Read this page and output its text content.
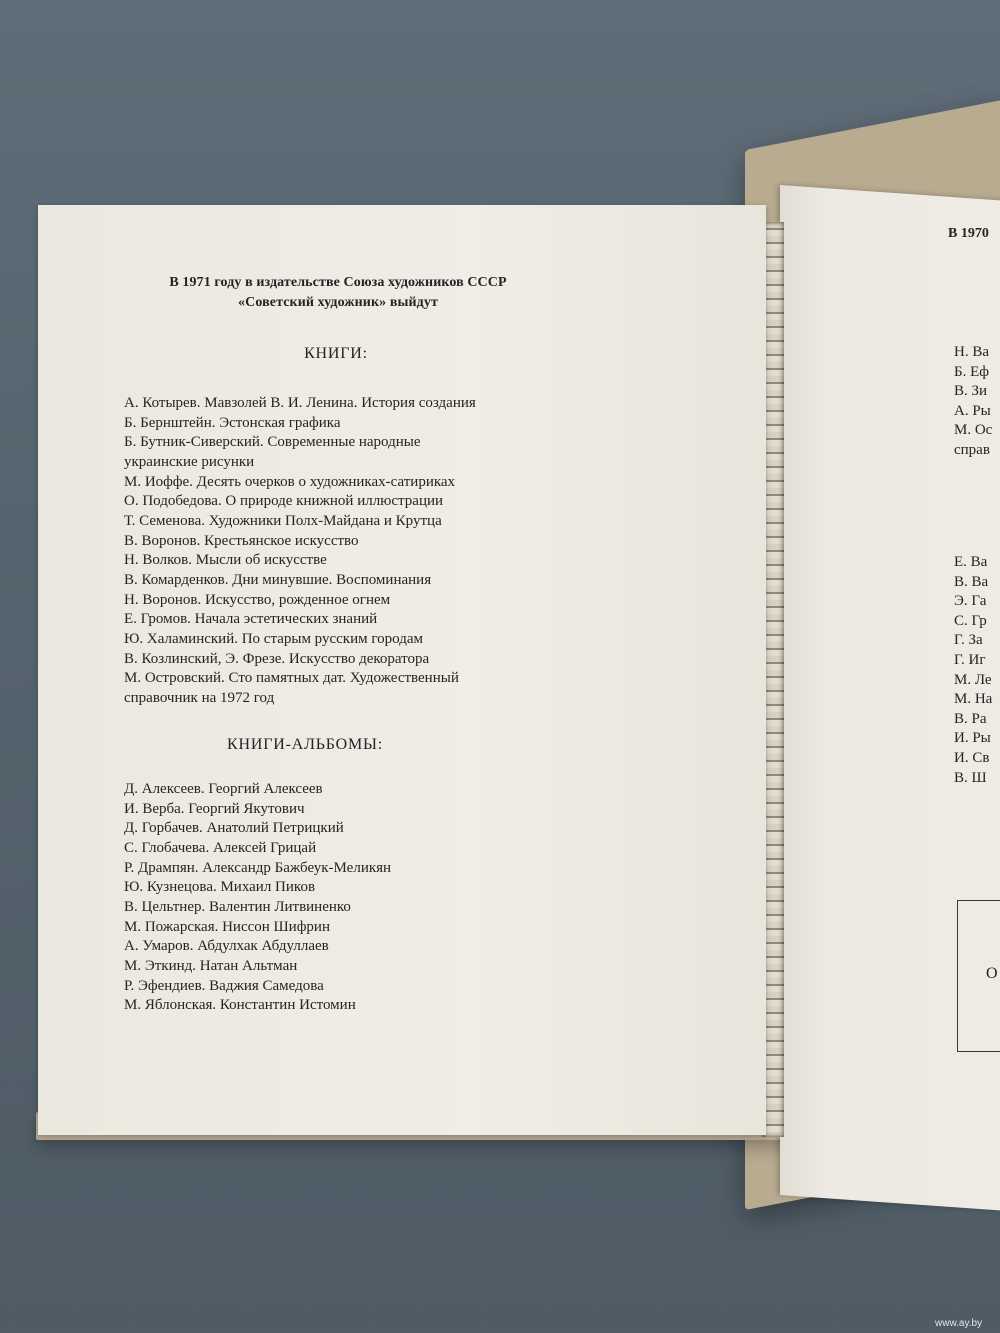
В 1970
Н. Ва
Б. Еф
В. Зи
А. Ры
М. Ос
справ
Е. Ва
В. Ва
Э. Га
С. Гр
Г. За
Г. Иг
М. Ле
М. На
В. Ра
И. Ры
И. Св
В. Ш
О
В 1971 году в издательстве Союза художников СССР
«Советский художник» выйдут
КНИГИ:
А. Котырев. Мавзолей В. И. Ленина. История создания
Б. Бернштейн. Эстонская графика
Б. Бутник-Сиверский. Современные народные
украинские рисунки
М. Иоффе. Десять очерков о художниках-сатириках
О. Подобедова. О природе книжной иллюстрации
Т. Семенова. Художники Полх-Майдана и Крутца
В. Воронов. Крестьянское искусство
Н. Волков. Мысли об искусстве
В. Комарденков. Дни минувшие. Воспоминания
Н. Воронов. Искусство, рожденное огнем
Е. Громов. Начала эстетических знаний
Ю. Халаминский. По старым русским городам
В. Козлинский, Э. Фрезе. Искусство декоратора
М. Островский. Сто памятных дат. Художественный
справочник на 1972 год
КНИГИ-АЛЬБОМЫ:
Д. Алексеев. Георгий Алексеев
И. Верба. Георгий Якутович
Д. Горбачев. Анатолий Петрицкий
С. Глобачева. Алексей Грицай
Р. Дрампян. Александр Бажбеук-Меликян
Ю. Кузнецова. Михаил Пиков
В. Цельтнер. Валентин Литвиненко
М. Пожарская. Ниссон Шифрин
А. Умаров. Абдулхак Абдуллаев
М. Эткинд. Натан Альтман
Р. Эфендиев. Ваджия Самедова
М. Яблонская. Константин Истомин
www.ay.by
